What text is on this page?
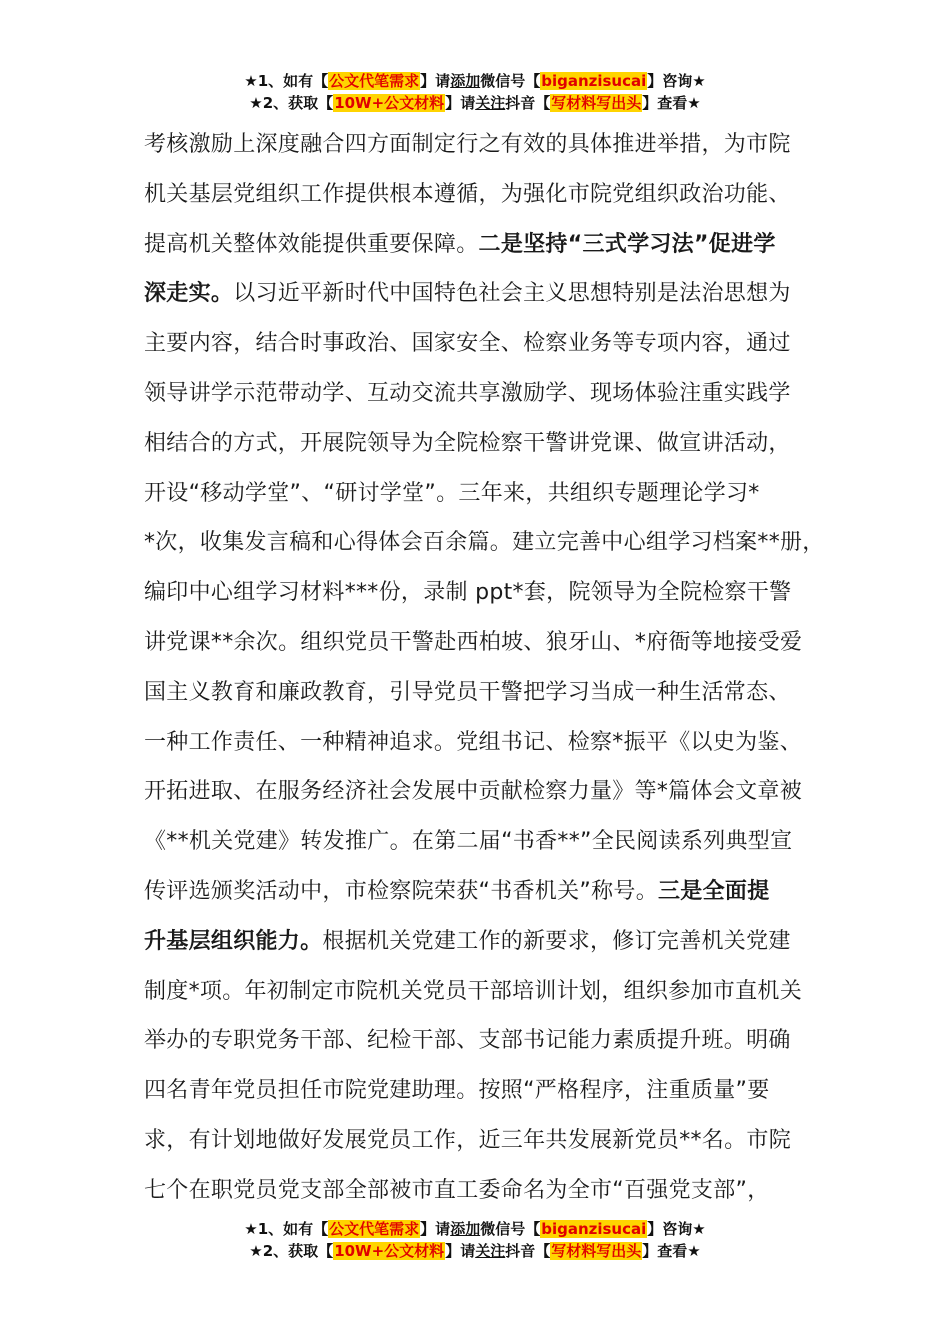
★1、如有【公文代笔需求】请添加微信号【biganzisucai】咨询★
★2、获取【10W+公文材料】请关注抖音【写材料写出头】查看★
考核激励上深度融合四方面制定行之有效的具体推进举措，为市院
机关基层党组织工作提供根本遵循，为强化市院党组织政治功能、
提高机关整体效能提供重要保障。二是坚持“三式学习法”促进学
深走实。以习近平新时代中国特色社会主义思想特别是法治思想为
主要内容，结合时事政治、国家安全、检察业务等专项内容，通过
领导讲学示范带动学、互动交流共享激励学、现场体验注重实践学
相结合的方式，开展院领导为全院检察干警讲党课、做宣讲活动，
开设“移动学堂”、“研讨学堂”。三年来，共组织专题理论学习*
*次，收集发言稿和心得体会百余篇。建立完善中心组学习档案**册，
编印中心组学习材料***份，录制 ppt*套，院领导为全院检察干警
讲党课**余次。组织党员干警赴西柏坡、狼牙山、*府衙等地接受爱
国主义教育和廉政教育，引导党员干警把学习当成一种生活常态、
一种工作责任、一种精神追求。党组书记、检察*振平《以史为鉴、
开拓进取、在服务经济社会发展中贡献检察力量》等*篇体会文章被
《**机关党建》转发推广。在第二届“书香**”全民阅读系列典型宣
传评选颁奖活动中，市检察院荣获“书香机关”称号。三是全面提
升基层组织能力。根据机关党建工作的新要求，修订完善机关党建
制度*项。年初制定市院机关党员干部培训计划，组织参加市直机关
举办的专职党务干部、纪检干部、支部书记能力素质提升班。明确
四名青年党员担任市院党建助理。按照“严格程序，注重质量”要
求，有计划地做好发展党员工作，近三年共发展新党员**名。市院
七个在职党员党支部全部被市直工委命名为全市“百强党支部”，
★1、如有【公文代笔需求】请添加微信号【biganzisucai】咨询★
★2、获取【10W+公文材料】请关注抖音【写材料写出头】查看★
